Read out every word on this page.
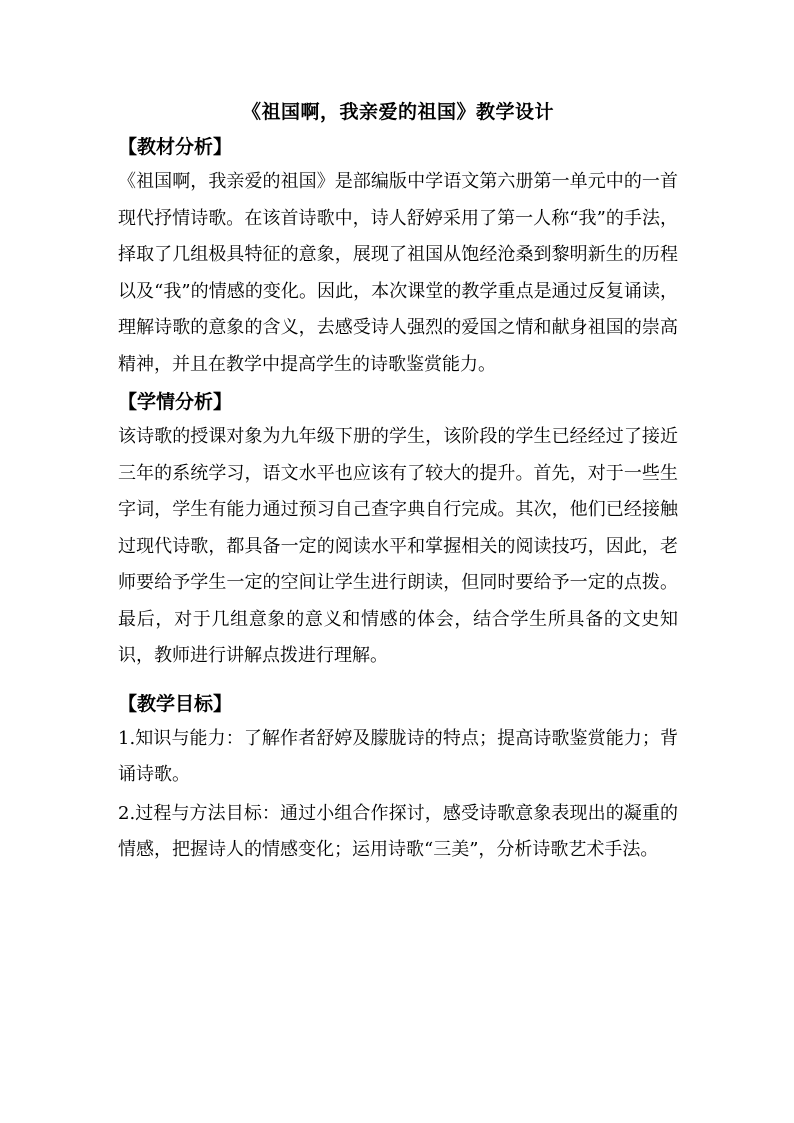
《祖国啊，我亲爱的祖国》教学设计
【教材分析】

《祖国啊，我亲爱的祖国》是部编版中学语文第六册第一单元中的一首现代抒情诗歌。在该首诗歌中，诗人舒婷采用了第一人称“我”的手法，择取了几组极具特征的意象，展现了祖国从饱经沧桑到黎明新生的历程以及“我”的情感的变化。因此，本次课堂的教学重点是通过反复诵读，理解诗歌的意象的含义，去感受诗人强烈的爱国之情和献身祖国的崇高精神，并且在教学中提高学生的诗歌鉴赏能力。

【学情分析】

该诗歌的授课对象为九年级下册的学生，该阶段的学生已经经过了接近三年的系统学习，语文水平也应该有了较大的提升。首先，对于一些生字词，学生有能力通过预习自己查字典自行完成。其次，他们已经接触过现代诗歌，都具备一定的阅读水平和掌握相关的阅读技巧，因此，老师要给予学生一定的空间让学生进行朗读，但同时要给予一定的点拨。最后，对于几组意象的意义和情感的体会，结合学生所具备的文史知识，教师进行讲解点拨进行理解。

【教学目标】

1.知识与能力：了解作者舒婷及朦胧诗的特点；提高诗歌鉴赏能力；背诵诗歌。

2.过程与方法目标：通过小组合作探讨，感受诗歌意象表现出的凝重的情感，把握诗人的情感变化；运用诗歌“三美”，分析诗歌艺术手法。
